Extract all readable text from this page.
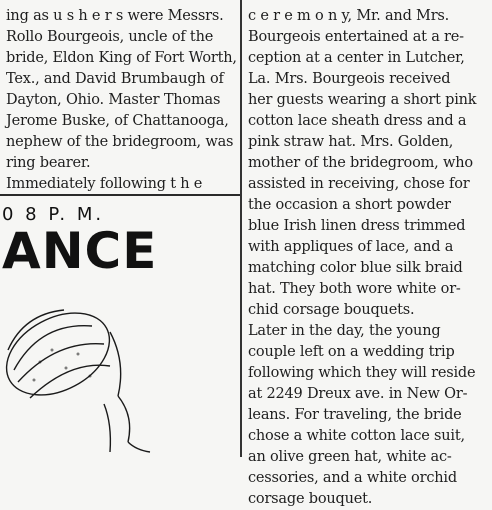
ing as u s h e r s were Messrs.
Rollo Bourgeois, uncle of the
bride, Eldon King of Fort Worth,
Tex., and David Brumbaugh of
Dayton, Ohio. Master Thomas
Jerome Buske, of Chattanooga,
nephew of the bridegroom, was
ring bearer.
Immediately following t h e
0 8 P. M.
ANCE
c e r e m o n y, Mr. and Mrs.
Bourgeois entertained at a re-
ception at a center in Lutcher,
La. Mrs. Bourgeois received
her guests wearing a short pink
cotton lace sheath dress and a
pink straw hat. Mrs. Golden,
mother of the bridegroom, who
assisted in receiving, chose for
the occasion a short powder
blue Irish linen dress trimmed
with appliques of lace, and a
matching color blue silk braid
hat. They both wore white or-
chid corsage bouquets.
Later in the day, the young
couple left on a wedding trip
following which they will reside
at 2249 Dreux ave. in New Or-
leans. For traveling, the bride
chose a white cotton lace suit,
an olive green hat, white ac-
cessories, and a white orchid
corsage bouquet.
